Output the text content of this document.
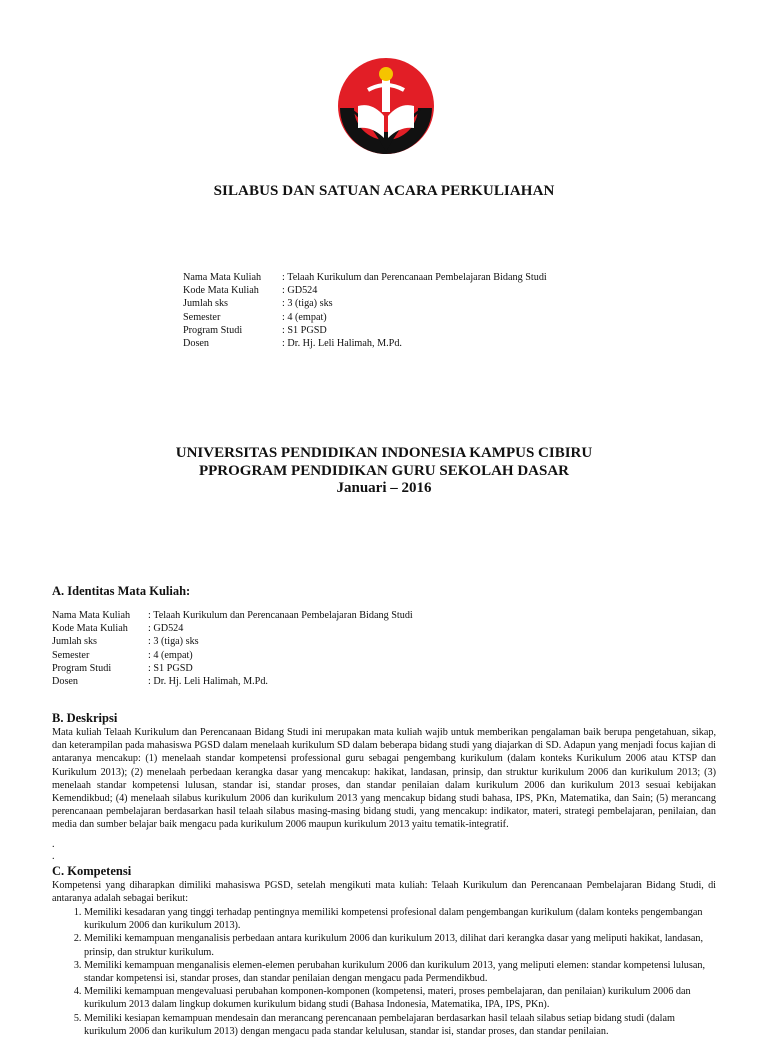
SILABUS DAN SATUAN ACARA PERKULIAHAN
Nama Mata Kuliah	: Telaah Kurikulum dan Perencanaan Pembelajaran Bidang Studi
Kode Mata Kuliah	: GD524
Jumlah sks	: 3 (tiga) sks
Semester	: 4 (empat)
Program Studi	: S1 PGSD
Dosen	: Dr. Hj. Leli Halimah, M.Pd.
UNIVERSITAS PENDIDIKAN INDONESIA KAMPUS CIBIRU
PPROGRAM PENDIDIKAN GURU SEKOLAH DASAR
Januari – 2016
A. Identitas Mata Kuliah:
Nama Mata Kuliah	: Telaah Kurikulum dan Perencanaan Pembelajaran Bidang Studi
Kode Mata Kuliah	: GD524
Jumlah sks	: 3 (tiga) sks
Semester	: 4 (empat)
Program Studi	: S1 PGSD
Dosen	: Dr. Hj. Leli Halimah, M.Pd.
B. Deskripsi

Mata kuliah Telaah Kurikulum dan Perencanaan Bidang Studi ini merupakan mata kuliah wajib untuk memberikan pengalaman baik berupa pengetahuan, sikap, dan keterampilan pada mahasiswa PGSD dalam menelaah kurikulum SD dalam beberapa bidang studi yang diajarkan di SD. Adapun yang menjadi focus kajian di antaranya mencakup: (1) menelaah standar kompetensi professional guru sebagai pengembang kurikulum (dalam konteks Kurikulum 2006 atau KTSP dan Kurikulum 2013); (2) menelaah perbedaan kerangka dasar yang mencakup: hakikat, landasan, prinsip, dan struktur kurikulum 2006 dan kurikulum 2013; (3) menelaah standar kompetensi lulusan, standar isi, standar proses, dan standar penilaian dalam kurikulum 2006 dan kurikulum 2013 sesuai kebijakan Kemendikbud; (4) menelaah silabus kurikulum 2006 dan kurikulum 2013 yang mencakup bidang studi bahasa, IPS, PKn, Matematika, dan Sain; (5) merancang perencanaan pembelajaran berdasarkan hasil telaah silabus masing-masing bidang studi, yang mencakup: indikator, materi, strategi pembelajaran, penilaian, dan media dan sumber belajar baik mengacu pada kurikulum 2006 maupun kurikulum 2013 yaitu tematik-integratif.

.
.
C. Kompetensi

Kompetensi yang diharapkan dimiliki mahasiswa PGSD, setelah mengikuti mata kuliah: Telaah Kurikulum dan Perencanaan Pembelajaran Bidang Studi, di antaranya adalah sebagai berikut:

1. Memiliki kesadaran yang tinggi terhadap pentingnya memiliki kompetensi profesional dalam pengembangan kurikulum (dalam konteks pengembangan kurikulum 2006 dan kurikulum 2013).
2. Memiliki kemampuan menganalisis perbedaan antara kurikulum 2006 dan kurikulum 2013, dilihat dari kerangka dasar yang meliputi hakikat, landasan, prinsip, dan struktur kurikulum.
3. Memiliki kemampuan menganalisis elemen-elemen perubahan kurikulum 2006 dan kurikulum 2013, yang meliputi elemen: standar kompetensi lulusan, standar kompetensi isi, standar proses, dan standar penilaian dengan mengacu pada Permendikbud.
4. Memiliki kemampuan mengevaluasi perubahan komponen-komponen (kompetensi, materi, proses pembelajaran, dan penilaian) kurikulum 2006 dan kurikulum 2013 dalam lingkup dokumen kurikulum bidang studi (Bahasa Indonesia, Matematika, IPA, IPS, PKn).
5. Memiliki kesiapan kemampuan mendesain dan merancang perencanaan pembelajaran berdasarkan hasil telaah silabus setiap bidang studi (dalam kurikulum 2006 dan kurikulum 2013) dengan mengacu pada standar kelulusan, standar isi, standar proses, dan standar penilaian.
